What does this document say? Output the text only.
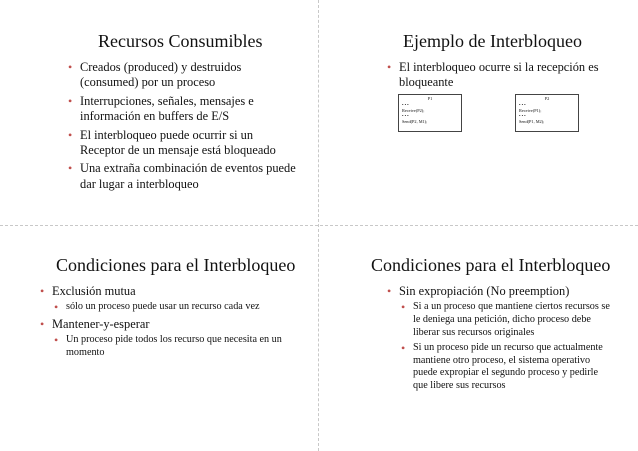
Recursos Consumibles
• Creados (produced) y destruidos (consumed) por un proceso
• Interrupciones, señales, mensajes e información en buffers de E/S
• El interbloqueo puede ocurrir si un Receptor de un mensaje está bloqueado
• Una extraña combinación de eventos puede dar lugar a interbloqueo
Ejemplo de Interbloqueo
• El interbloqueo ocurre si la recepción es bloqueante
P1
• • •
Receive(P2);
• • •
Send(P2, M1);
P2
• • •
Receive(P1);
• • •
Send(P1, M2);
Condiciones para el Interbloqueo
• Exclusión mutua
• sólo un proceso puede usar un recurso cada vez
• Mantener-y-esperar
• Un proceso pide todos los recurso que necesita en un momento
Condiciones para el Interbloqueo
• Sin expropiación (No preemption)
• Si a un proceso que mantiene ciertos recursos se le deniega una petición, dicho proceso debe liberar sus recursos originales
• Si un proceso pide un recurso que actualmente mantiene otro proceso, el sistema operativo puede expropiar el segundo proceso y pedirle que libere sus recursos
